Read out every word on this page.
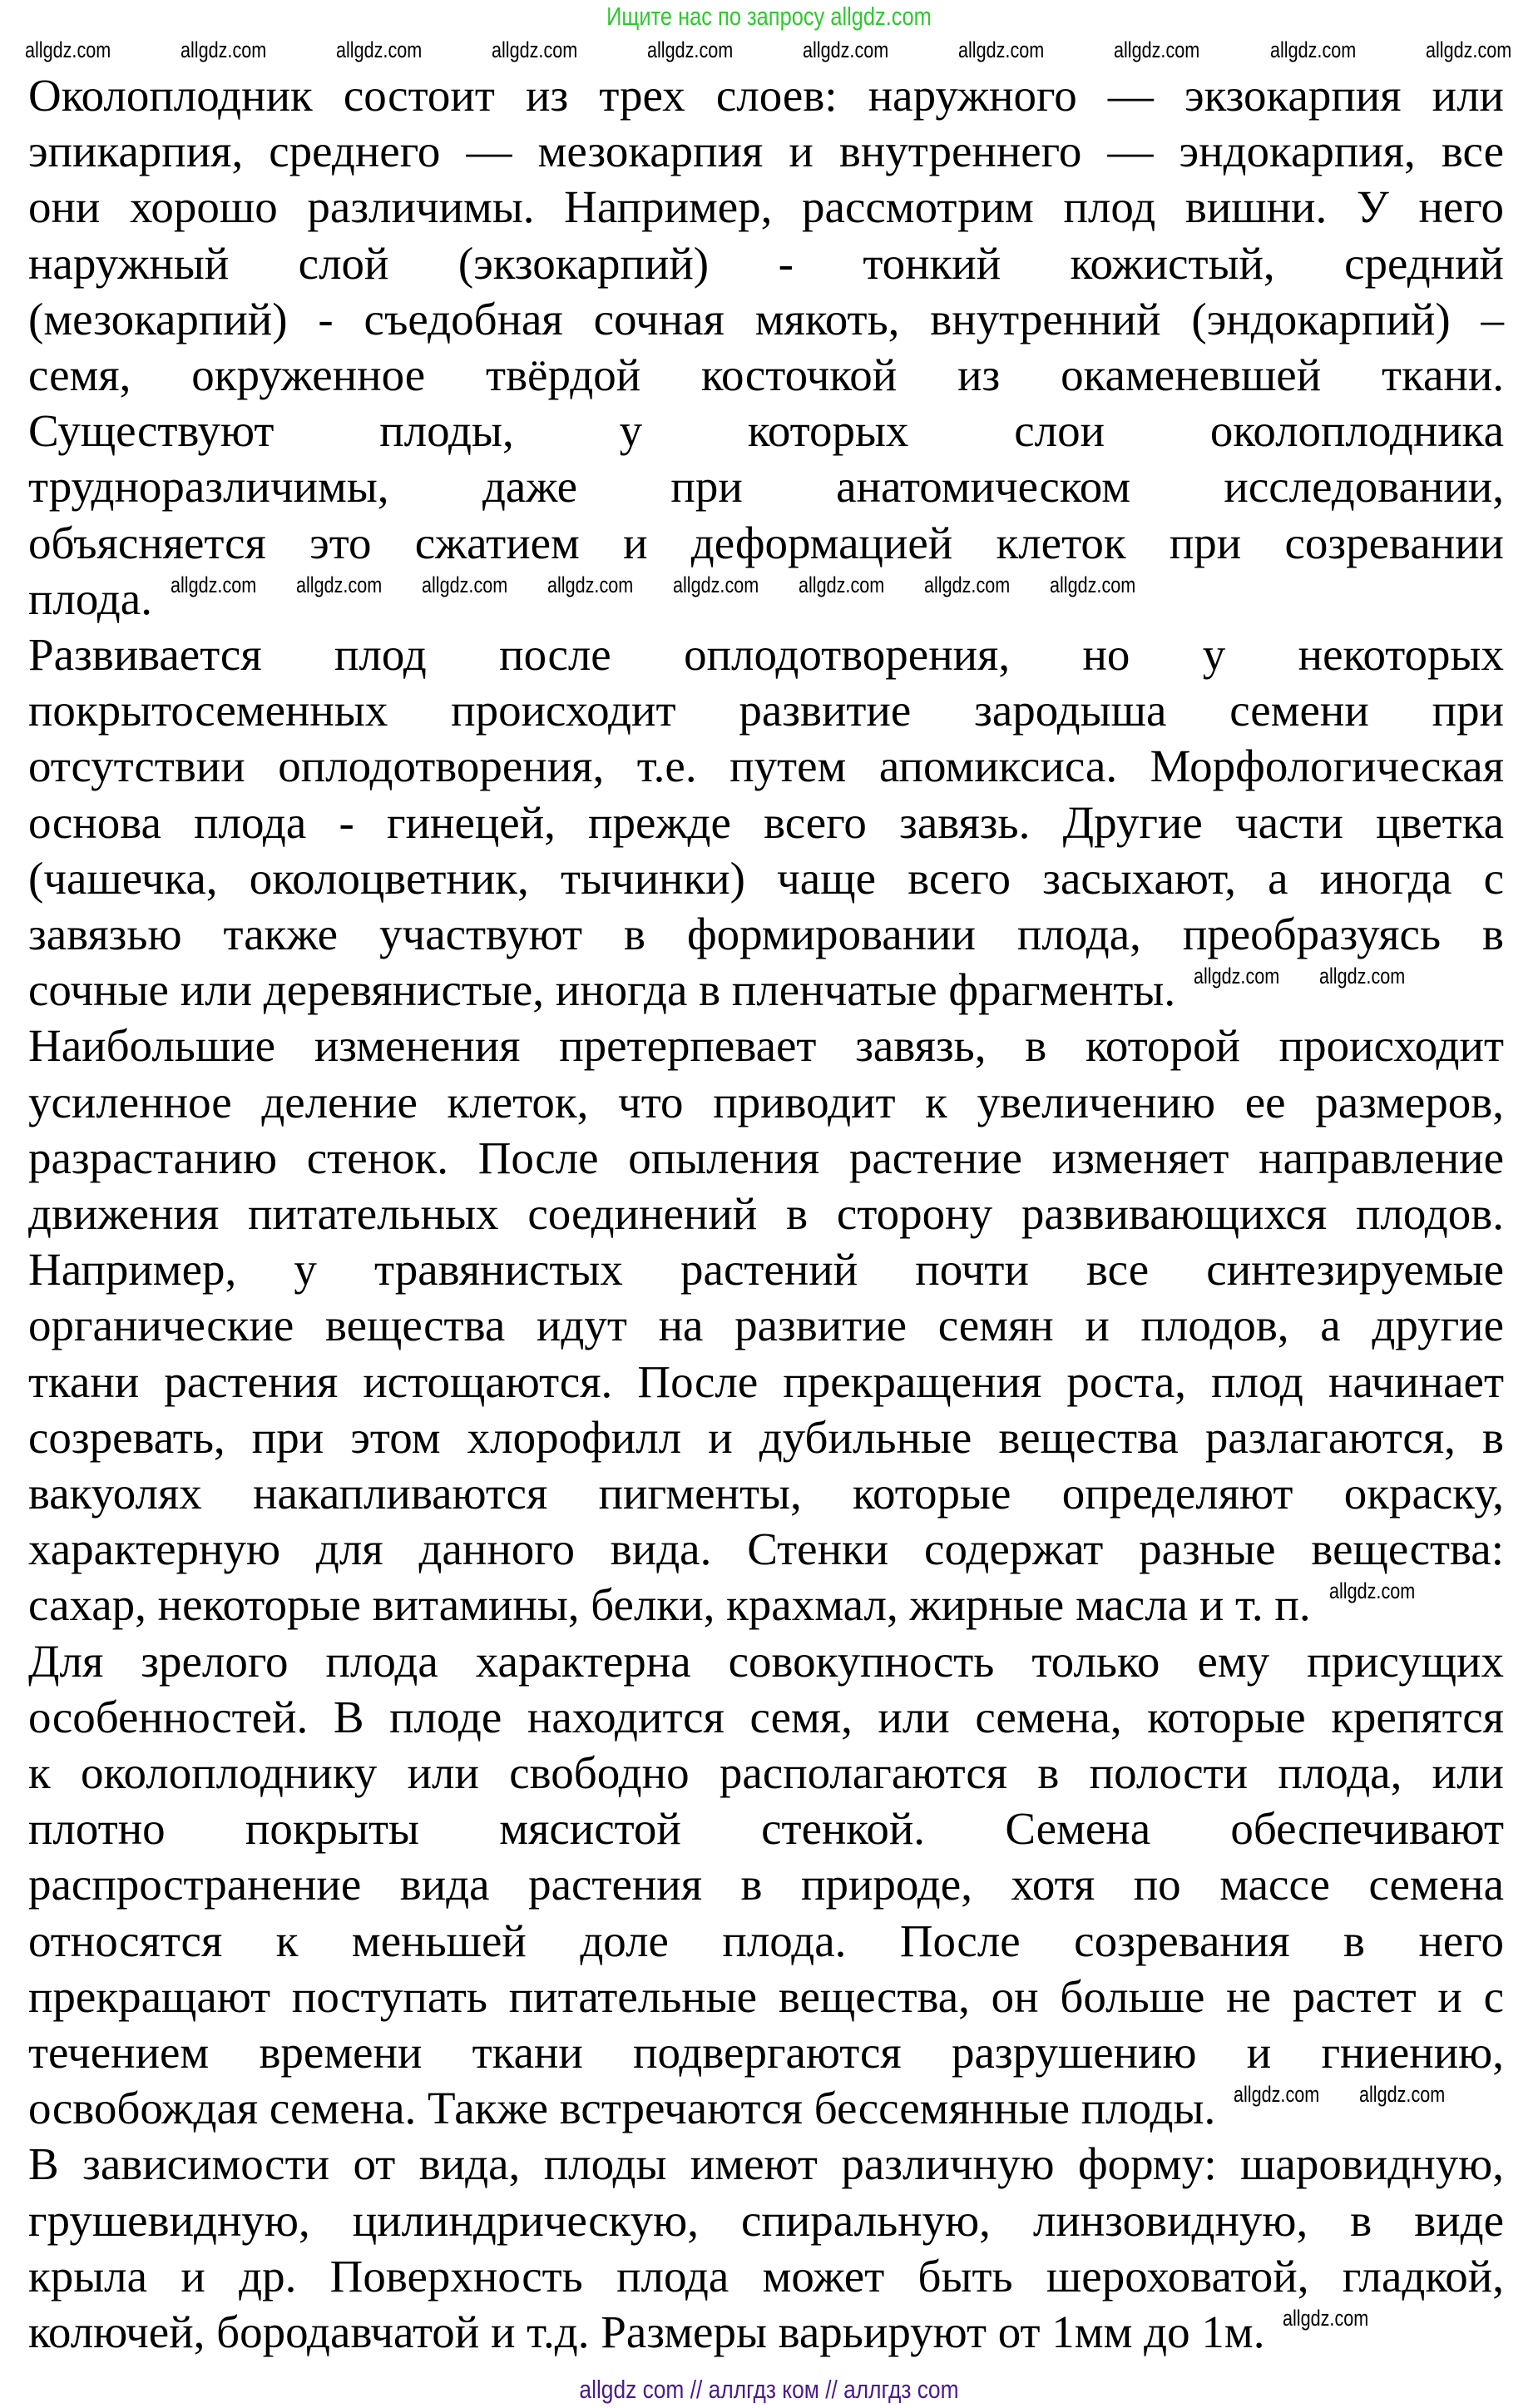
Ищите нас по запросу allgdz.com
allgdz.com	allgdz.com	allgdz.com	allgdz.com	allgdz.com	allgdz.com	allgdz.com	allgdz.com	allgdz.com	allgdz.com
Околоплодник состоит из трех слоев: наружного — экзокарпия или
эпикарпия, среднего — мезокарпия и внутреннего — эндокарпия, все
они хорошо различимы. Например, рассмотрим плод вишни. У него
наружный слой (экзокарпий) - тонкий кожистый, средний
(мезокарпий) - съедобная сочная мякоть, внутренний (эндокарпий) –
семя, окруженное твёрдой косточкой из окаменевшей ткани.
Существуют плоды, у которых слои околоплодника
трудноразличимы, даже при анатомическом исследовании,
объясняется это сжатием и деформацией клеток при созревании
плода. allgdz.com allgdz.com allgdz.com allgdz.com allgdz.com allgdz.com allgdz.com allgdz.com
Развивается плод после оплодотворения, но у некоторых
покрытосеменных происходит развитие зародыша семени при
отсутствии оплодотворения, т.е. путем апомиксиса. Морфологическая
основа плода - гинецей, прежде всего завязь. Другие части цветка
(чашечка, околоцветник, тычинки) чаще всего засыхают, а иногда с
завязью также участвуют в формировании плода, преобразуясь в
сочные или деревянистые, иногда в пленчатые фрагменты. allgdz.com allgdz.com
Наибольшие изменения претерпевает завязь, в которой происходит
усиленное деление клеток, что приводит к увеличению ее размеров,
разрастанию стенок. После опыления растение изменяет направление
движения питательных соединений в сторону развивающихся плодов.
Например, у травянистых растений почти все синтезируемые
органические вещества идут на развитие семян и плодов, а другие
ткани растения истощаются. После прекращения роста, плод начинает
созревать, при этом хлорофилл и дубильные вещества разлагаются, в
вакуолях накапливаются пигменты, которые определяют окраску,
характерную для данного вида. Стенки содержат разные вещества:
сахар, некоторые витамины, белки, крахмал, жирные масла и т. п. allgdz.com
Для зрелого плода характерна совокупность только ему присущих
особенностей. В плоде находится семя, или семена, которые крепятся
к околоплоднику или свободно располагаются в полости плода, или
плотно покрыты мясистой стенкой. Семена обеспечивают
распространение вида растения в природе, хотя по массе семена
относятся к меньшей доле плода. После созревания в него
прекращают поступать питательные вещества, он больше не растет и с
течением времени ткани подвергаются разрушению и гниению,
освобождая семена. Также встречаются бессемянные плоды. allgdz.com allgdz.com
В зависимости от вида, плоды имеют различную форму: шаровидную,
грушевидную, цилиндрическую, спиральную, линзовидную, в виде
крыла и др. Поверхность плода может быть шероховатой, гладкой,
колючей, бородавчатой и т.д. Размеры варьируют от 1мм до 1м. allgdz.com
allgdz com // аллгдз ком // аллгдз com
